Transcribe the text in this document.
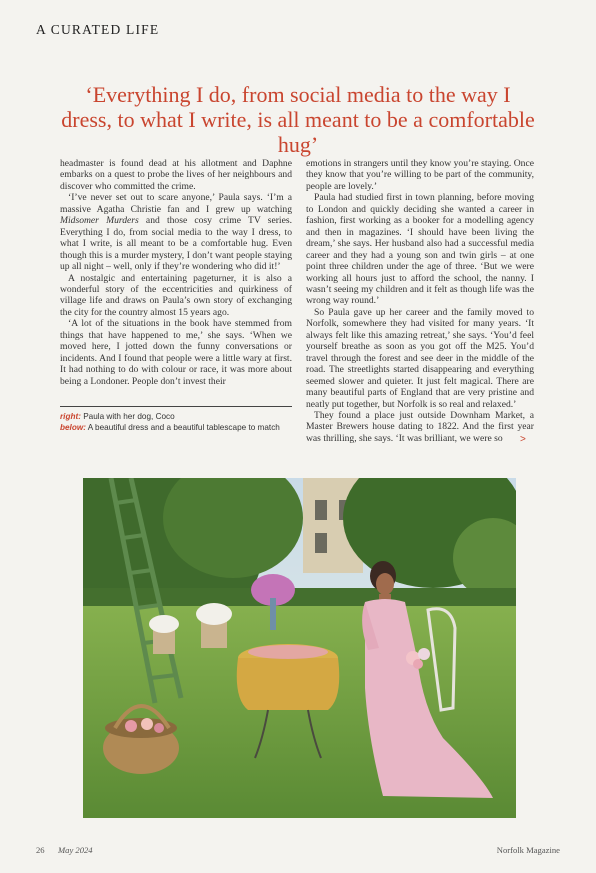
A CURATED LIFE
‘Everything I do, from social media to the way I dress, to what I write, is all meant to be a comfortable hug’

headmaster is found dead at his allotment and Daphne embarks on a quest to probe the lives of her neighbours and discover who committed the crime.

‘I’ve never set out to scare anyone,’ Paula says. ‘I’m a massive Agatha Christie fan and I grew up watching Midsomer Murders and those cosy crime TV series. Everything I do, from social media to the way I dress, to what I write, is all meant to be a comfortable hug. Even though this is a murder mystery, I don’t want people staying up all night – well, only if they’re wondering who did it!’

A nostalgic and entertaining pageturner, it is also a wonderful story of the eccentricities and quirkiness of village life and draws on Paula’s own story of exchanging the city for the country almost 15 years ago.

‘A lot of the situations in the book have stemmed from things that have happened to me,’ she says. ‘When we moved here, I jotted down the funny conversations or incidents. And I found that people were a little wary at first. It had nothing to do with colour or race, it was more about being a Londoner. People don’t invest their

right: Paula with her dog, Coco
below: A beautiful dress and a beautiful tablescape to match

emotions in strangers until they know you’re staying. Once they know that you’re willing to be part of the community, people are lovely.’

Paula had studied first in town planning, before moving to London and quickly deciding she wanted a career in fashion, first working as a booker for a modelling agency and then in magazines. ‘I should have been living the dream,’ she says. Her husband also had a successful media career and they had a young son and twin girls – at one point three children under the age of three. ‘But we were working all hours just to afford the school, the nanny. I wasn’t seeing my children and it felt as though life was the wrong way round.’

So Paula gave up her career and the family moved to Norfolk, somewhere they had visited for many years. ‘It always felt like this amazing retreat,’ she says. ‘You’d feel yourself breathe as soon as you got off the M25. You’d travel through the forest and see deer in the middle of the road. The streetlights started disappearing and everything seemed slower and quieter. It just felt magical. There are many beautiful parts of England that are very pristine and neatly put together, but Norfolk is so real and relaxed.’

They found a place just outside Downham Market, a Master Brewers house dating to 1822. And the first year was thrilling, she says. ‘It was brilliant, we were so	>
26 May 2024	Norfolk Magazine
